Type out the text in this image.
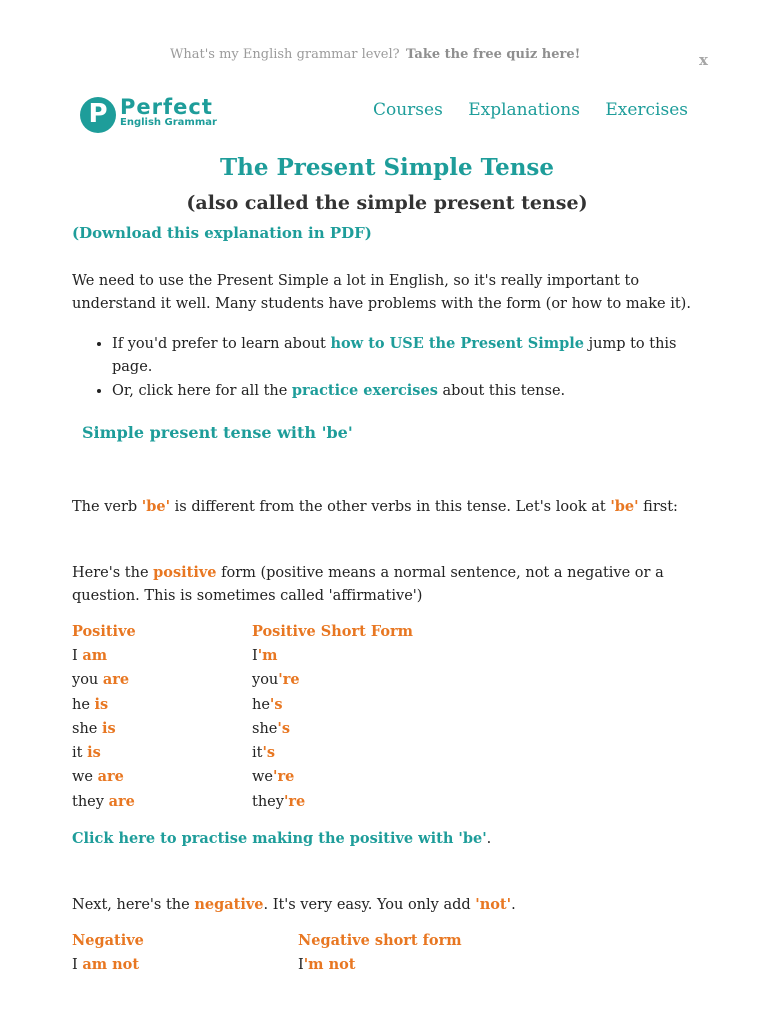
What's my English grammar level? Take the free quiz here!	x
P Perfect
English Grammar
Courses Explanations Exercises
The Present Simple Tense
(also called the simple present tense)
(Download this explanation in PDF)

We need to use the Present Simple a lot in English, so it's really important to understand it well. Many students have problems with the form (or how to make it).

• If you'd prefer to learn about how to USE the Present Simple jump to this page.
• Or, click here for all the practice exercises about this tense.
Simple present tense with 'be'

The verb 'be' is different from the other verbs in this tense. Let's look at 'be' first:

Here's the positive form (positive means a normal sentence, not a negative or a question. This is sometimes called 'affirmative')

Positive	Positive Short Form
I am	I'm
you are	you're
he is	he's
she is	she's
it is	it's
we are	we're
they are	they're

Click here to practise making the positive with 'be'.

Next, here's the negative. It's very easy. You only add 'not'.

Negative	Negative short form
I am not	I'm not
